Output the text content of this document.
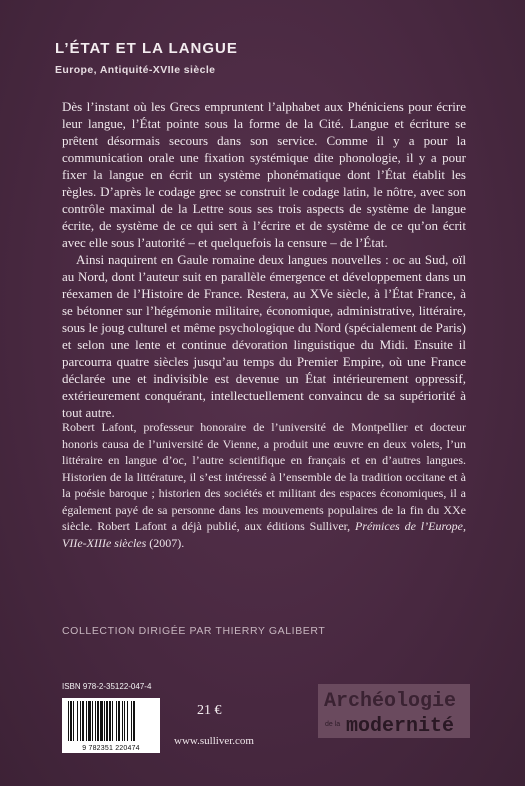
L’ÉTAT ET LA LANGUE
Europe, Antiquité-XVIIe siècle

Dès l’instant où les Grecs empruntent l’alphabet aux Phéniciens pour écrire leur langue, l’État pointe sous la forme de la Cité. Langue et écriture se prêtent désormais secours dans son service. Comme il y a pour la communication orale une fixation systémique dite phonologie, il y a pour fixer la langue en écrit un système phonématique dont l’État établit les règles. D’après le codage grec se construit le codage latin, le nôtre, avec son contrôle maximal de la Lettre sous ses trois aspects de système de langue écrite, de système de ce qui sert à l’écrire et de système de ce qu’on écrit avec elle sous l’autorité – et quelquefois la censure – de l’État.

Ainsi naquirent en Gaule romaine deux langues nouvelles : oc au Sud, oïl au Nord, dont l’auteur suit en parallèle émergence et développement dans un réexamen de l’Histoire de France. Restera, au XVe siècle, à l’État France, à se bétonner sur l’hégémonie militaire, économique, administrative, littéraire, sous le joug culturel et même psychologique du Nord (spécialement de Paris) et selon une lente et continue dévoration linguistique du Midi. Ensuite il parcourra quatre siècles jusqu’au temps du Premier Empire, où une France déclarée une et indivisible est devenue un État intérieurement oppressif, extérieurement conquérant, intellectuellement convaincu de sa supériorité à tout autre.

Robert Lafont, professeur honoraire de l’université de Montpellier et docteur honoris causa de l’université de Vienne, a produit une œuvre en deux volets, l’un littéraire en langue d’oc, l’autre scientifique en français et en d’autres langues. Historien de la littérature, il s’est intéressé à l’ensemble de la tradition occitane et à la poésie baroque ; historien des sociétés et militant des espaces économiques, il a également payé de sa personne dans les mouvements populaires de la fin du XXe siècle. Robert Lafont a déjà publié, aux éditions Sulliver, Prémices de l’Europe, VIIe-XIIIe siècles (2007).

COLLECTION DIRIGÉE PAR THIERRY GALIBERT
ISBN 978-2-35122-047-4
9 782351 220474
21 €
www.sulliver.com
Archéologie
de la modernité
